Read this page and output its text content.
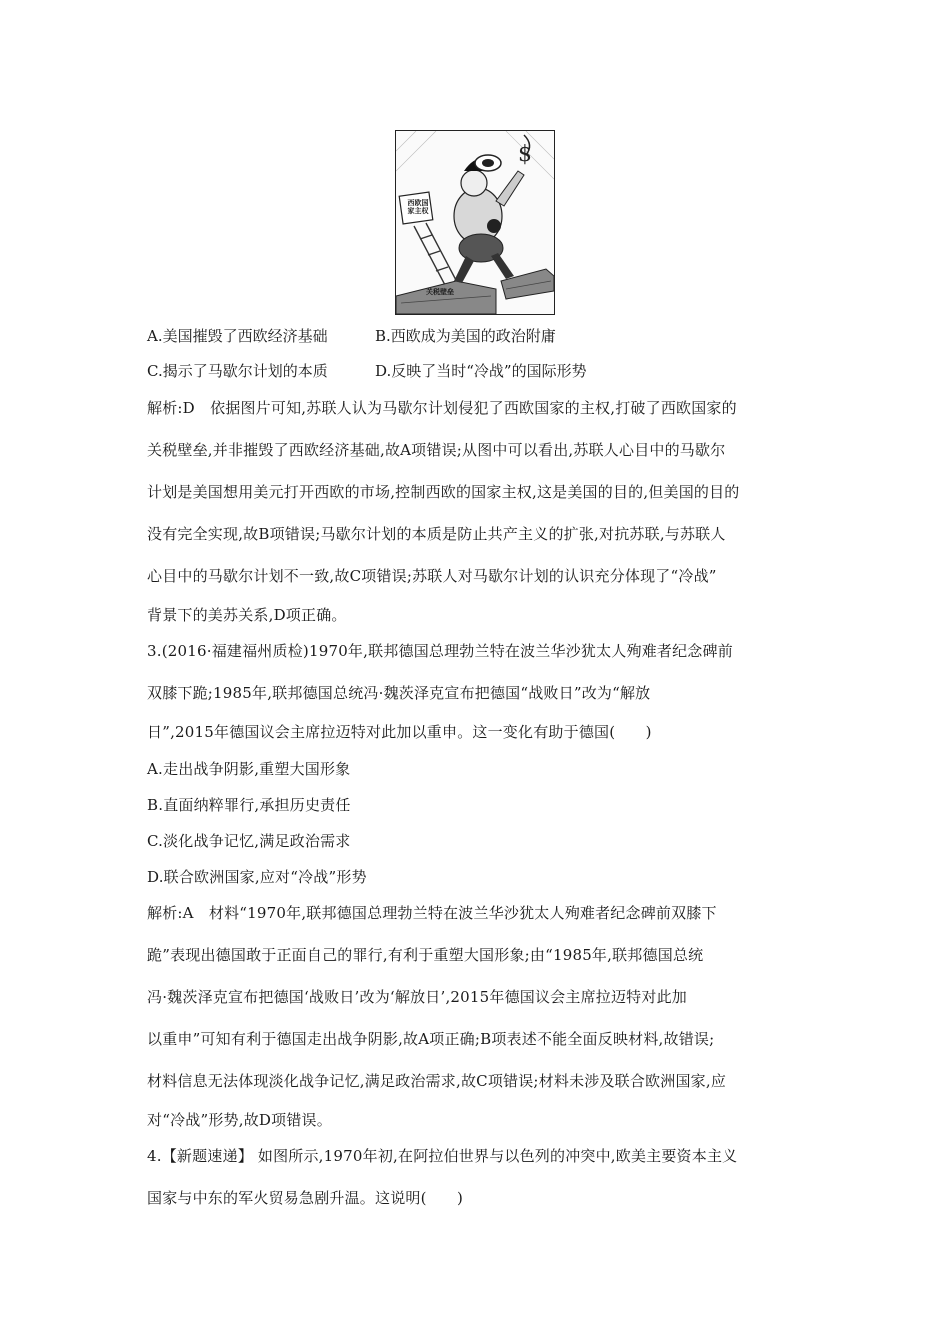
$
西欧国
家主权
关税壁垒
A.美国摧毁了西欧经济基础	B.西欧成为美国的政治附庸
C.揭示了马歇尔计划的本质	D.反映了当时“冷战”的国际形势
解析:D　依据图片可知,苏联人认为马歇尔计划侵犯了西欧国家的主权,打破了西欧国家的
关税壁垒,并非摧毁了西欧经济基础,故A项错误;从图中可以看出,苏联人心目中的马歇尔
计划是美国想用美元打开西欧的市场,控制西欧的国家主权,这是美国的目的,但美国的目的
没有完全实现,故B项错误;马歇尔计划的本质是防止共产主义的扩张,对抗苏联,与苏联人
心目中的马歇尔计划不一致,故C项错误;苏联人对马歇尔计划的认识充分体现了“冷战”
背景下的美苏关系,D项正确。
3.(2016·福建福州质检)1970年,联邦德国总理勃兰特在波兰华沙犹太人殉难者纪念碑前
双膝下跪;1985年,联邦德国总统冯·魏茨泽克宣布把德国“战败日”改为“解放
日”,2015年德国议会主席拉迈特对此加以重申。这一变化有助于德国(　　)
A.走出战争阴影,重塑大国形象
B.直面纳粹罪行,承担历史责任
C.淡化战争记忆,满足政治需求
D.联合欧洲国家,应对“冷战”形势
解析:A　材料“1970年,联邦德国总理勃兰特在波兰华沙犹太人殉难者纪念碑前双膝下
跪”表现出德国敢于正面自己的罪行,有利于重塑大国形象;由“1985年,联邦德国总统
冯·魏茨泽克宣布把德国‘战败日’改为‘解放日’,2015年德国议会主席拉迈特对此加
以重申”可知有利于德国走出战争阴影,故A项正确;B项表述不能全面反映材料,故错误;
材料信息无法体现淡化战争记忆,满足政治需求,故C项错误;材料未涉及联合欧洲国家,应
对“冷战”形势,故D项错误。
4.【新题速递】 如图所示,1970年初,在阿拉伯世界与以色列的冲突中,欧美主要资本主义
国家与中东的军火贸易急剧升温。这说明(　　)
